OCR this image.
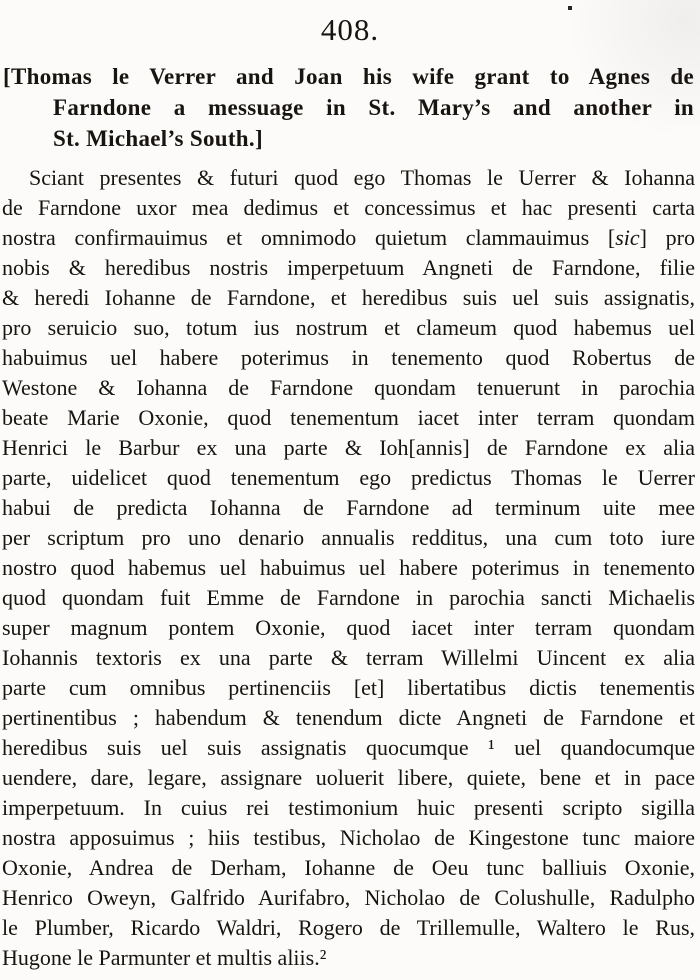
408.
[Thomas le Verrer and Joan his wife grant to Agnes de
Farndone a messuage in St. Mary’s and another in
St. Michael’s South.]
Sciant presentes & futuri quod ego Thomas le Uerrer & Iohanna
de Farndone uxor mea dedimus et concessimus et hac presenti carta
nostra confirmauimus et omnimodo quietum clammauimus [sic] pro
nobis & heredibus nostris imperpetuum Angneti de Farndone, filie
& heredi Iohanne de Farndone, et heredibus suis uel suis assignatis,
pro seruicio suo, totum ius nostrum et clameum quod habemus uel
habuimus uel habere poterimus in tenemento quod Robertus de
Westone & Iohanna de Farndone quondam tenuerunt in parochia
beate Marie Oxonie, quod tenementum iacet inter terram quondam
Henrici le Barbur ex una parte & Ioh[annis] de Farndone ex alia
parte, uidelicet quod tenementum ego predictus Thomas le Uerrer
habui de predicta Iohanna de Farndone ad terminum uite mee
per scriptum pro uno denario annualis redditus, una cum toto iure
nostro quod habemus uel habuimus uel habere poterimus in tenemento
quod quondam fuit Emme de Farndone in parochia sancti Michaelis
super magnum pontem Oxonie, quod iacet inter terram quondam
Iohannis textoris ex una parte & terram Willelmi Uincent ex alia
parte cum omnibus pertinenciis [et] libertatibus dictis tenementis
pertinentibus ; habendum & tenendum dicte Angneti de Farndone et
heredibus suis uel suis assignatis quocumque ¹ uel quandocumque
uendere, dare, legare, assignare uoluerit libere, quiete, bene et in pace
imperpetuum. In cuius rei testimonium huic presenti scripto sigilla
nostra apposuimus ; hiis testibus, Nicholao de Kingestone tunc maiore
Oxonie, Andrea de Derham, Iohanne de Oeu tunc balliuis Oxonie,
Henrico Oweyn, Galfrido Aurifabro, Nicholao de Colushulle, Radulpho
le Plumber, Ricardo Waldri, Rogero de Trillemulle, Waltero le Rus,
Hugone le Parmunter et multis aliis.²
